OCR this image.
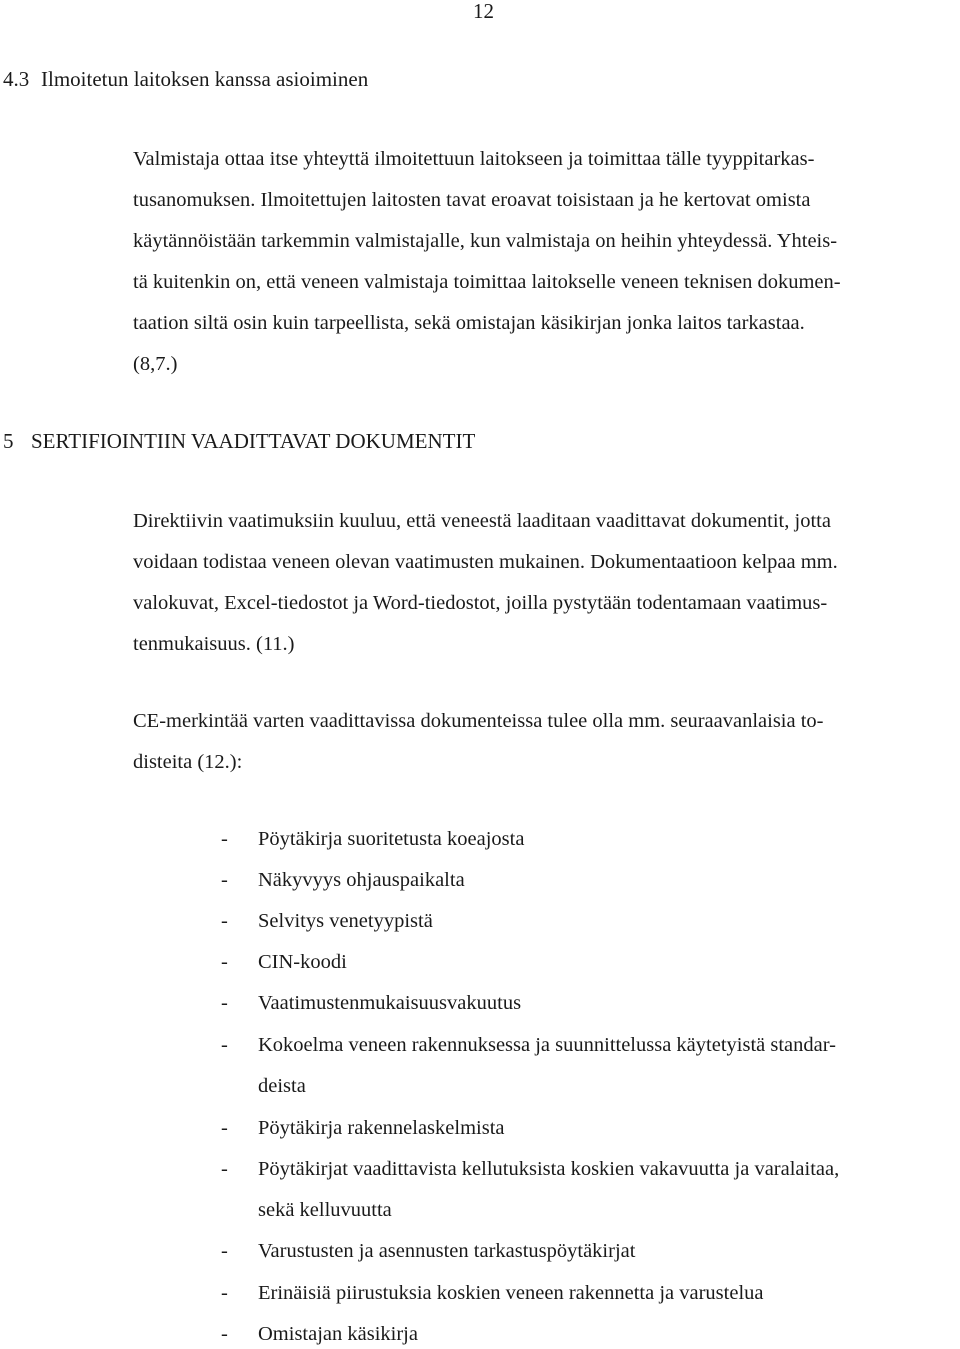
12
4.3 Ilmoitetun laitoksen kanssa asioiminen
Valmistaja ottaa itse yhteyttä ilmoitettuun laitokseen ja toimittaa tälle tyyppitarkas-
tusanomuksen. Ilmoitettujen laitosten tavat eroavat toisistaan ja he kertovat omista
käytännöistään tarkemmin valmistajalle, kun valmistaja on heihin yhteydessä. Yhteis-
tä kuitenkin on, että veneen valmistaja toimittaa laitokselle veneen teknisen dokumen-
taation siltä osin kuin tarpeellista, sekä omistajan käsikirjan jonka laitos tarkastaa.
(8,7.)
5 SERTIFIOINTIIN VAADITTAVAT DOKUMENTIT
Direktiivin vaatimuksiin kuuluu, että veneestä laaditaan vaadittavat dokumentit, jotta
voidaan todistaa veneen olevan vaatimusten mukainen. Dokumentaatioon kelpaa mm.
valokuvat, Excel-tiedostot ja Word-tiedostot, joilla pystytään todentamaan vaatimus-
tenmukaisuus. (11.)
CE-merkintää varten vaadittavissa dokumenteissa tulee olla mm. seuraavanlaisia to-
disteita (12.):
- Pöytäkirja suoritetusta koeajosta
- Näkyvyys ohjauspaikalta
- Selvitys venetyypistä
- CIN-koodi
- Vaatimustenmukaisuusvakuutus
- Kokoelma veneen rakennuksessa ja suunnittelussa käytetyistä standar-
deista
- Pöytäkirja rakennelaskelmista
- Pöytäkirjat vaadittavista kellutuksista koskien vakavuutta ja varalaitaa,
sekä kelluvuutta
- Varustusten ja asennusten tarkastuspöytäkirjat
- Erinäisiä piirustuksia koskien veneen rakennetta ja varustelua
- Omistajan käsikirja
